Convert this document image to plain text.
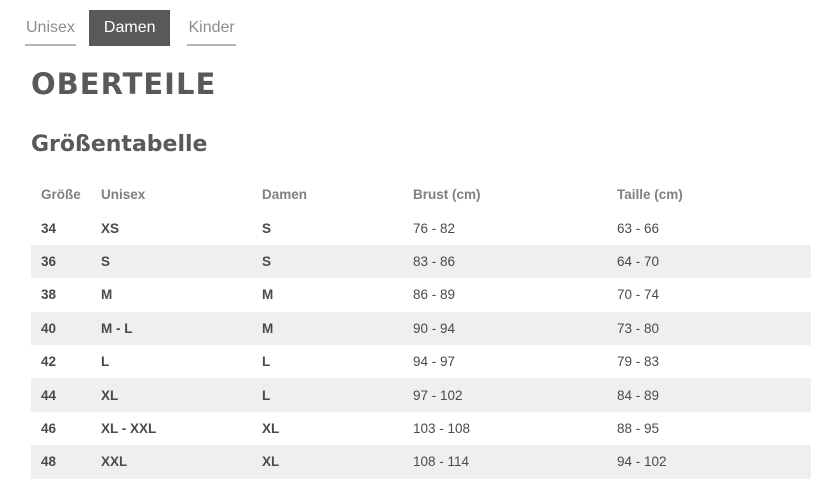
Unisex	Damen	Kinder
OBERTEILE
Größentabelle
Größe	Unisex	Damen	Brust (cm)	Taille (cm)
34	XS	S	76 - 82	63 - 66
36	S	S	83 - 86	64 - 70
38	M	M	86 - 89	70 - 74
40	M - L	M	90 - 94	73 - 80
42	L	L	94 - 97	79 - 83
44	XL	L	97 - 102	84 - 89
46	XL - XXL	XL	103 - 108	88 - 95
48	XXL	XL	108 - 114	94 - 102
